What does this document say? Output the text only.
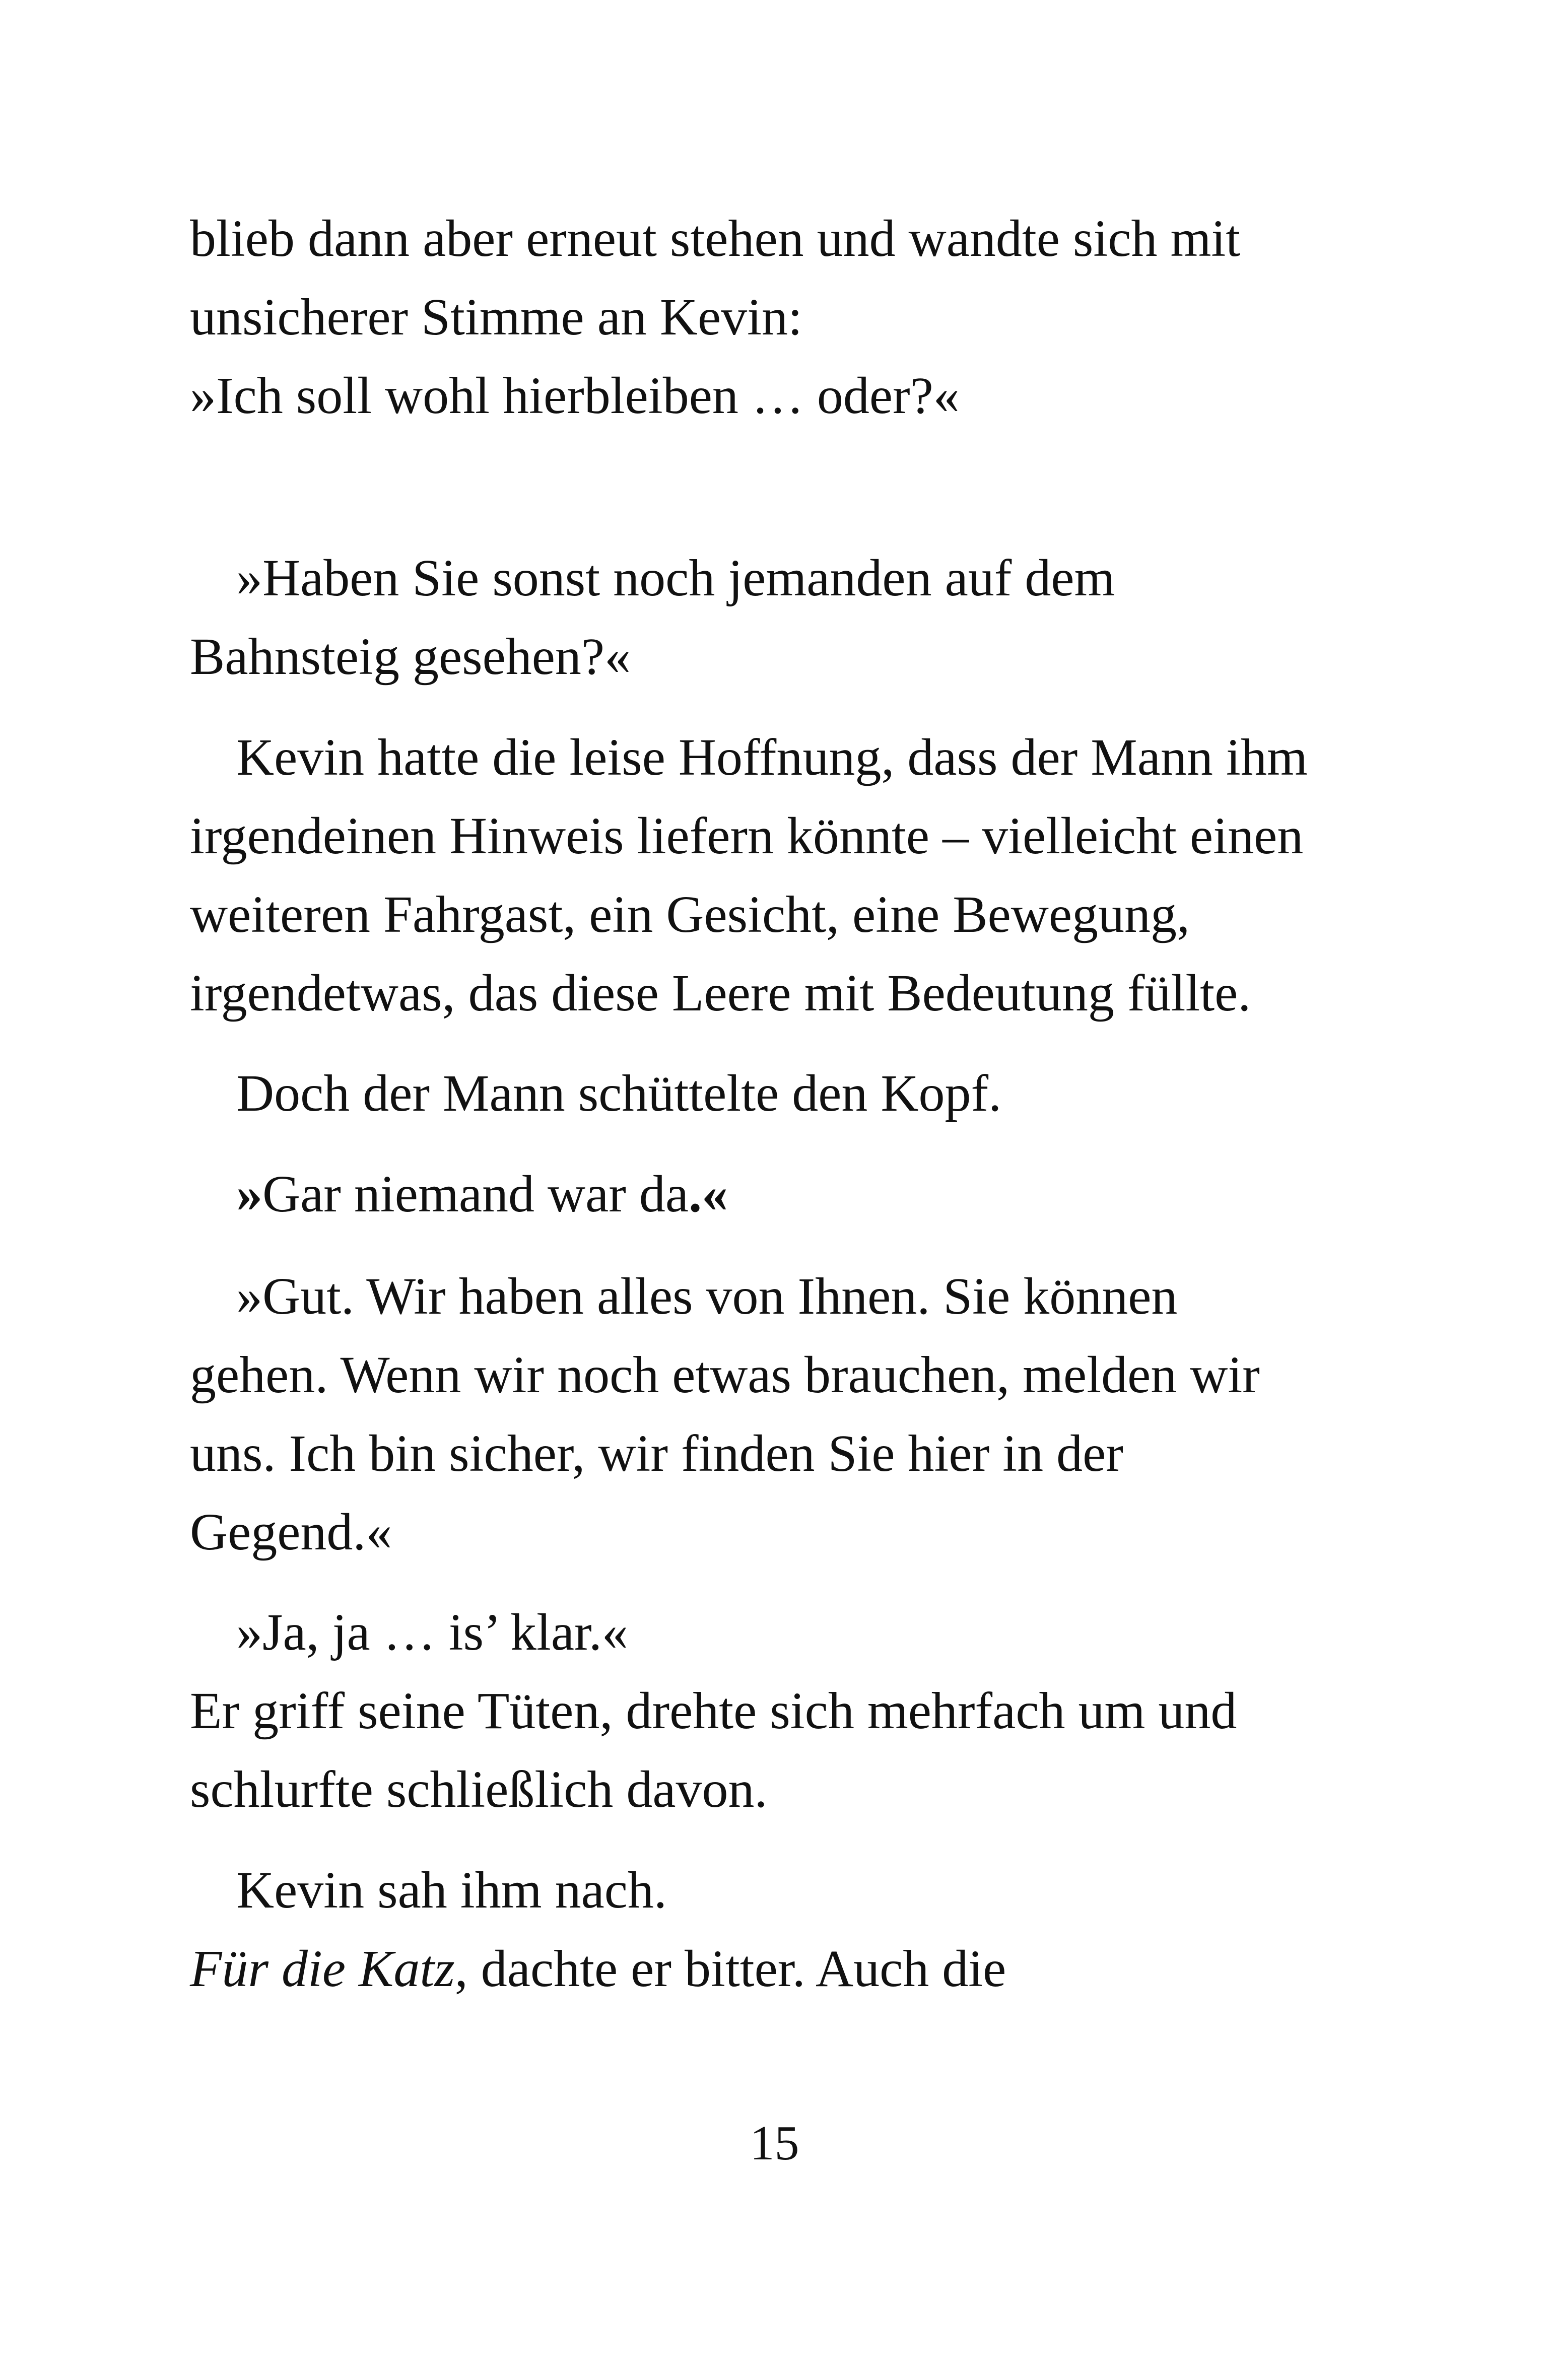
blieb dann aber erneut stehen und wandte sich mit
unsicherer Stimme an Kevin:
»Ich soll wohl hierbleiben … oder?«
»Haben Sie sonst noch jemanden auf dem
Bahnsteig gesehen?«
Kevin hatte die leise Hoffnung, dass der Mann ihm
irgendeinen Hinweis liefern könnte – vielleicht einen
weiteren Fahrgast, ein Gesicht, eine Bewegung,
irgendetwas, das diese Leere mit Bedeutung füllte.
Doch der Mann schüttelte den Kopf.
»Gar niemand war da.«
»Gut. Wir haben alles von Ihnen. Sie können
gehen. Wenn wir noch etwas brauchen, melden wir
uns. Ich bin sicher, wir finden Sie hier in der
Gegend.«
»Ja, ja … is’ klar.«
Er griff seine Tüten, drehte sich mehrfach um und
schlurfte schließlich davon.
Kevin sah ihm nach.
Für die Katz, dachte er bitter. Auch die
15
